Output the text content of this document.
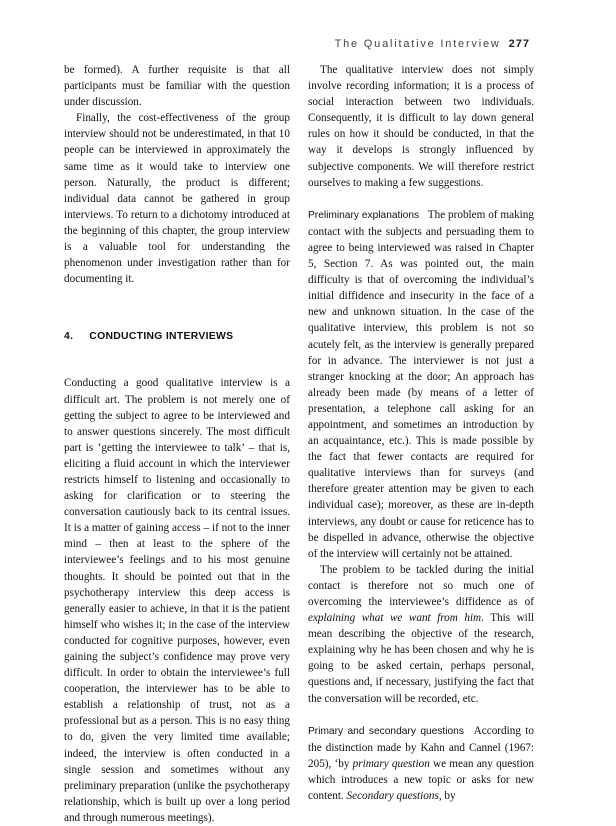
The Qualitative Interview 277

be formed). A further requisite is that all participants must be familiar with the question under discussion.

Finally, the cost-effectiveness of the group interview should not be underestimated, in that 10 people can be interviewed in approximately the same time as it would take to interview one person. Naturally, the product is different; individual data cannot be gathered in group interviews. To return to a dichotomy introduced at the beginning of this chapter, the group interview is a valuable tool for understanding the phenomenon under investigation rather than for documenting it.

4. CONDUCTING INTERVIEWS

Conducting a good qualitative interview is a difficult art. The problem is not merely one of getting the subject to agree to be interviewed and to answer questions sincerely. The most difficult part is ‘getting the interviewee to talk’ – that is, eliciting a fluid account in which the interviewer restricts himself to listening and occasionally to asking for clarification or to steering the conversation cautiously back to its central issues. It is a matter of gaining access – if not to the inner mind – then at least to the sphere of the interviewee’s feelings and to his most genuine thoughts. It should be pointed out that in the psychotherapy interview this deep access is generally easier to achieve, in that it is the patient himself who wishes it; in the case of the interview conducted for cognitive purposes, however, even gaining the subject’s confidence may prove very difficult. In order to obtain the interviewee’s full cooperation, the interviewer has to be able to establish a relationship of trust, not as a professional but as a person. This is no easy thing to do, given the very limited time available; indeed, the interview is often conducted in a single session and sometimes without any preliminary preparation (unlike the psychotherapy relationship, which is built up over a long period and through numerous meetings).

The qualitative interview does not simply involve recording information; it is a process of social interaction between two individuals. Consequently, it is difficult to lay down general rules on how it should be conducted, in that the way it develops is strongly influenced by subjective components. We will therefore restrict ourselves to making a few suggestions.

Preliminary explanations The problem of making contact with the subjects and persuading them to agree to being interviewed was raised in Chapter 5, Section 7. As was pointed out, the main difficulty is that of overcoming the individual’s initial diffidence and insecurity in the face of a new and unknown situation. In the case of the qualitative interview, this problem is not so acutely felt, as the interview is generally prepared for in advance. The interviewer is not just a stranger knocking at the door; An approach has already been made (by means of a letter of presentation, a telephone call asking for an appointment, and sometimes an introduction by an acquaintance, etc.). This is made possible by the fact that fewer contacts are required for qualitative interviews than for surveys (and therefore greater attention may be given to each individual case); moreover, as these are in-depth interviews, any doubt or cause for reticence has to be dispelled in advance, otherwise the objective of the interview will certainly not be attained.

The problem to be tackled during the initial contact is therefore not so much one of overcoming the interviewee’s diffidence as of explaining what we want from him. This will mean describing the objective of the research, explaining why he has been chosen and why he is going to be asked certain, perhaps personal, questions and, if necessary, justifying the fact that the conversation will be recorded, etc.

Primary and secondary questions According to the distinction made by Kahn and Cannel (1967: 205), ‘by primary question we mean any question which introduces a new topic or asks for new content. Secondary questions, by
